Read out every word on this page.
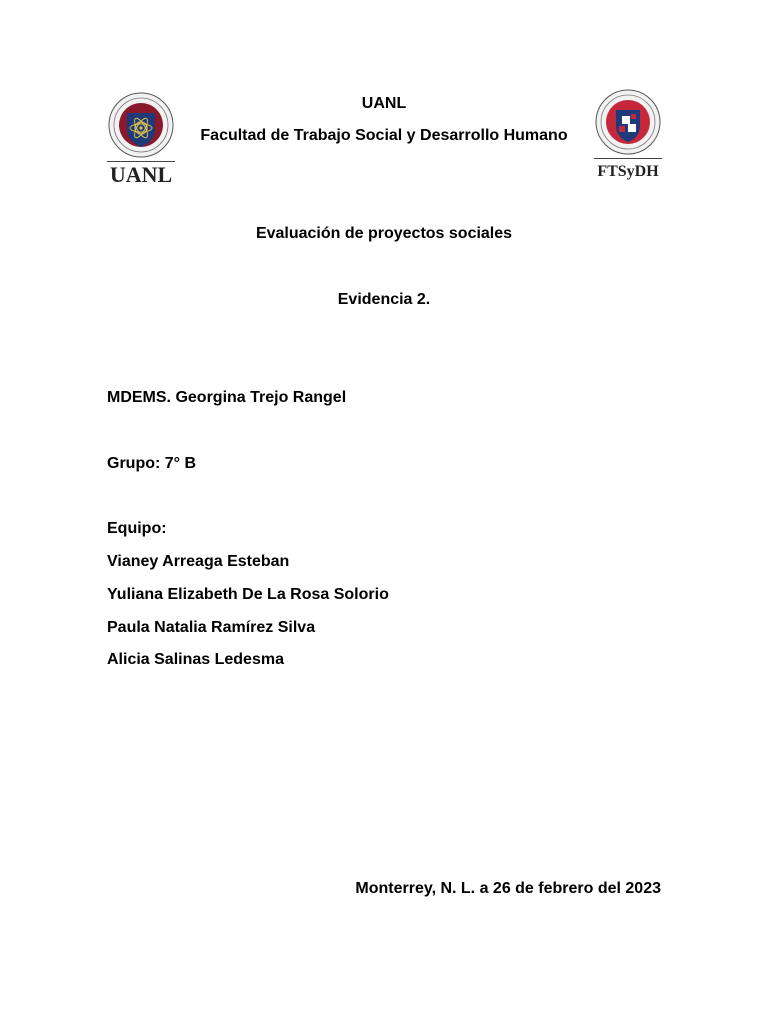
UANL	FTSyDH
UANL
Facultad de Trabajo Social y Desarrollo Humano
Evaluación de proyectos sociales
Evidencia 2.
MDEMS. Georgina Trejo Rangel
Grupo: 7° B
Equipo:
Vianey Arreaga Esteban
Yuliana Elizabeth De La Rosa Solorio
Paula Natalia Ramírez Silva
Alicia Salinas Ledesma
Monterrey, N. L. a 26 de febrero del 2023
